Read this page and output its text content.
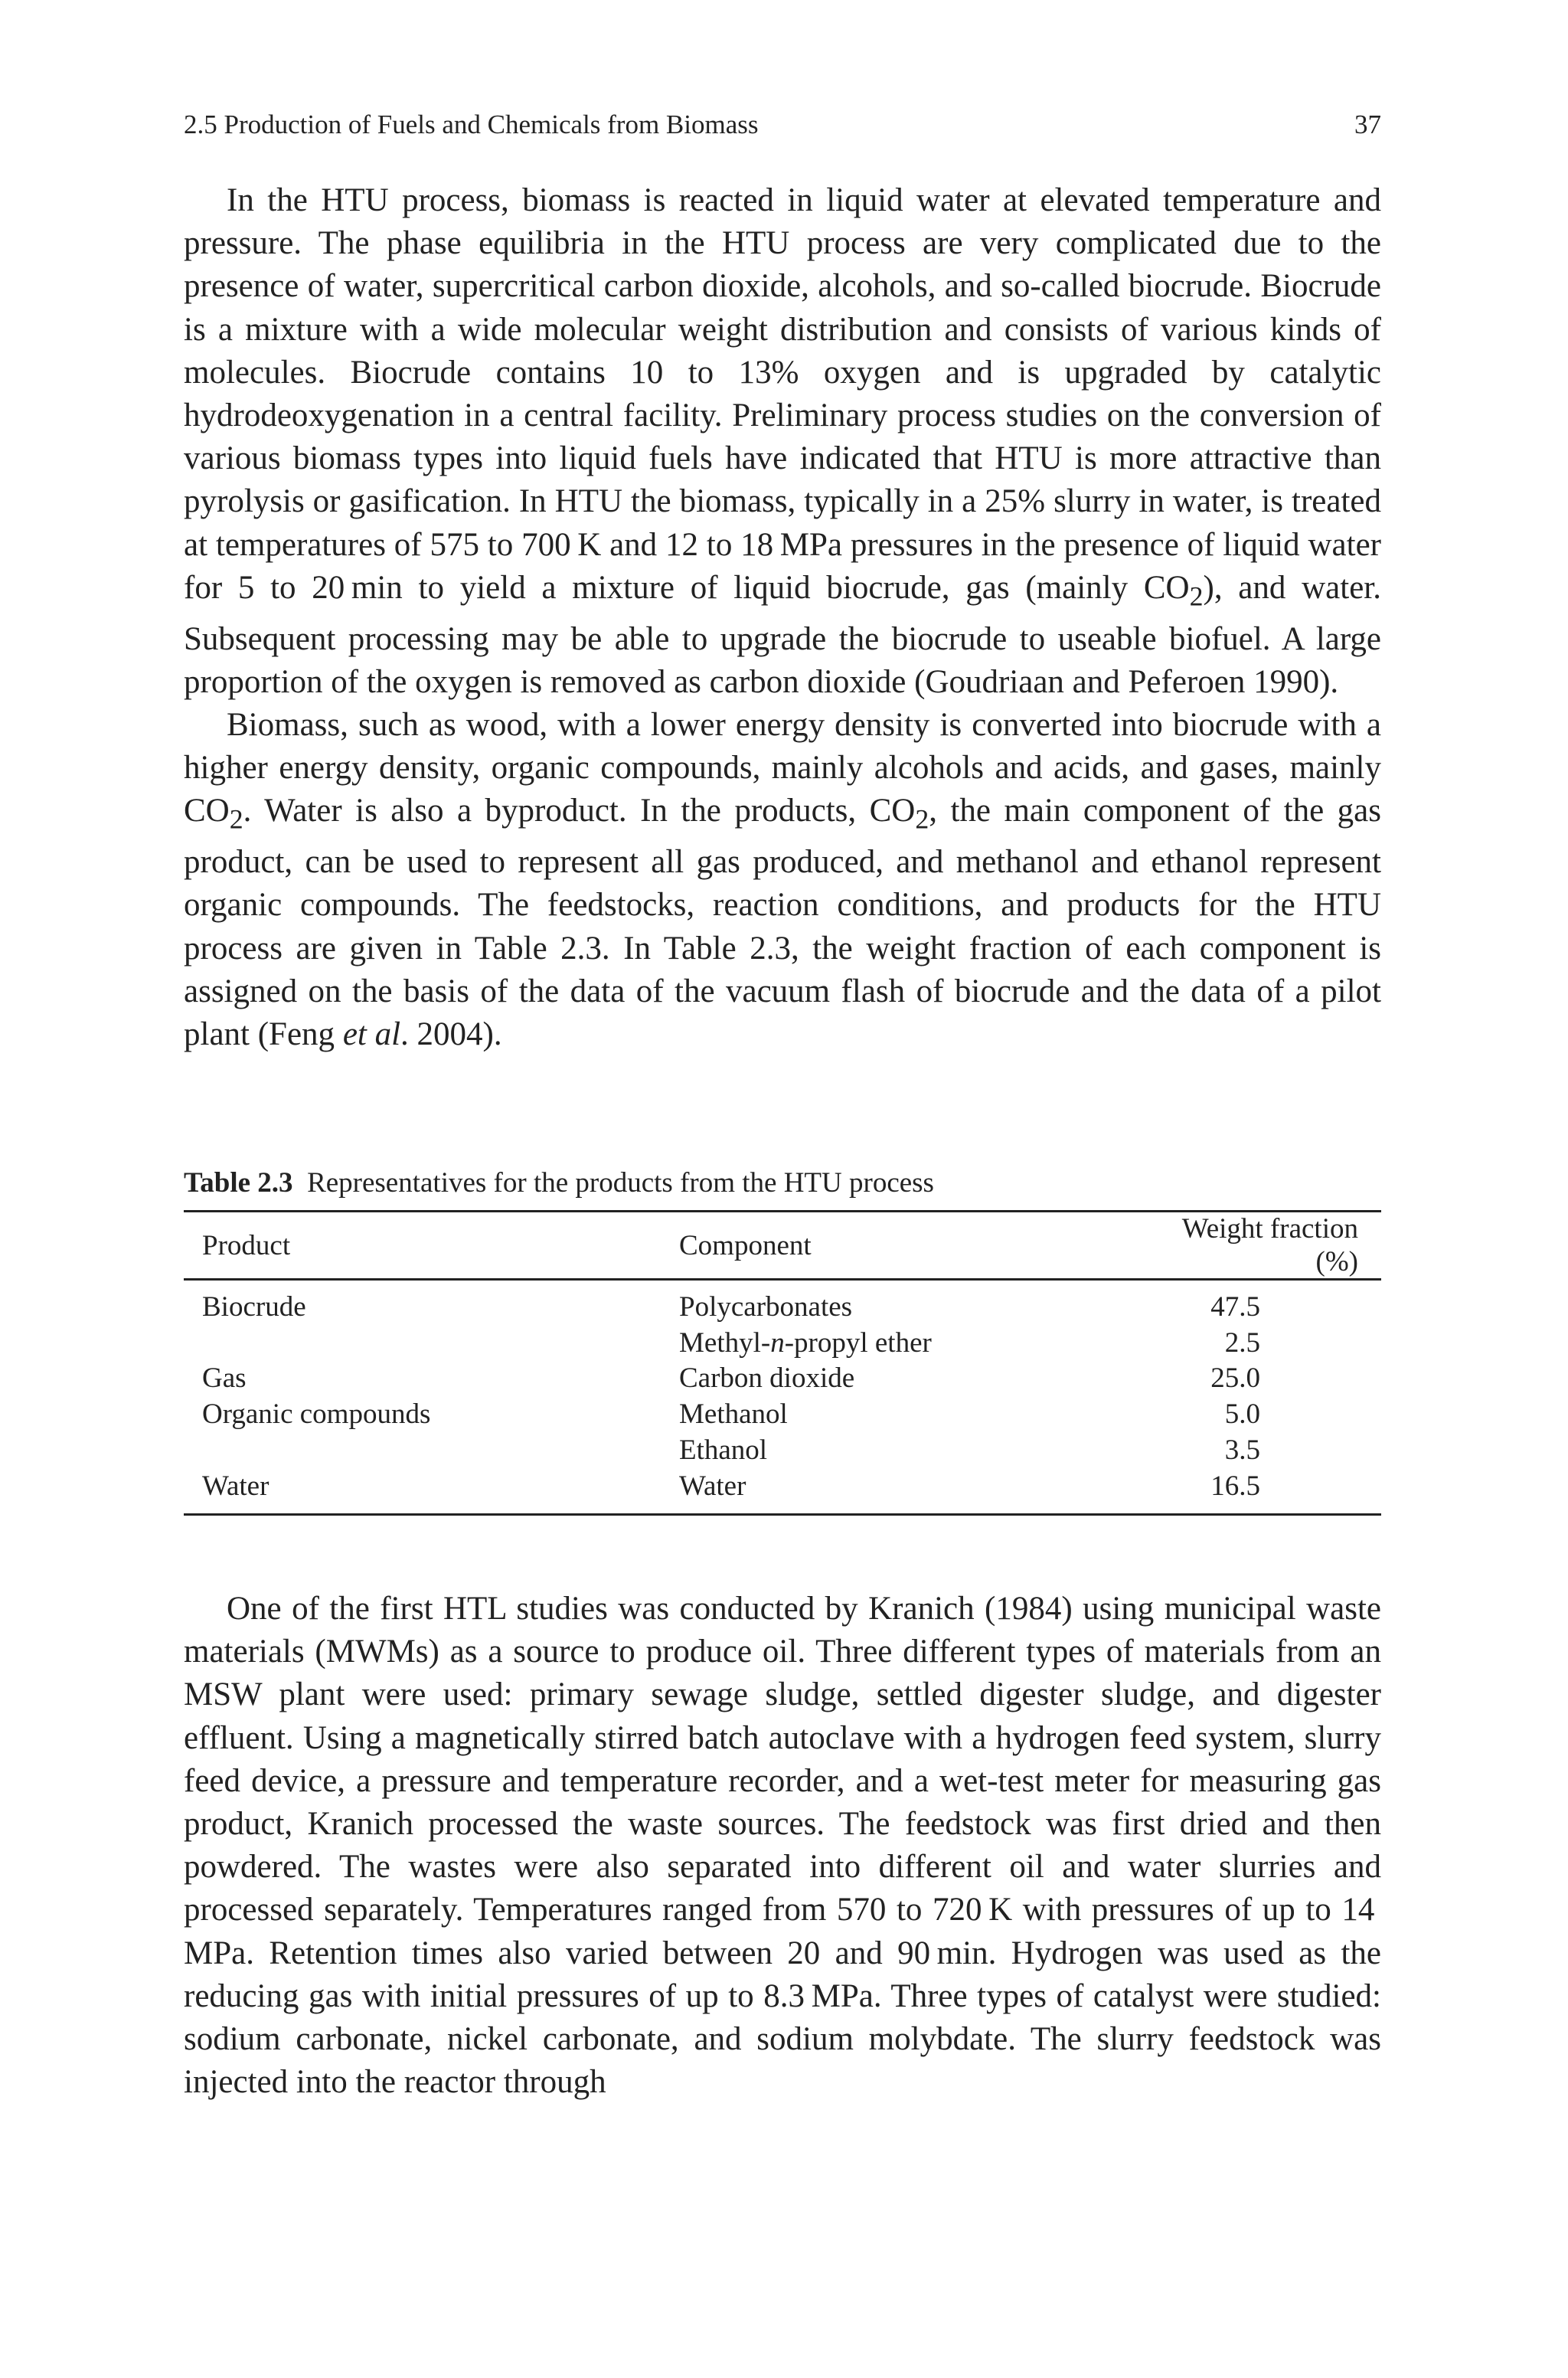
2.5 Production of Fuels and Chemicals from Biomass	37

In the HTU process, biomass is reacted in liquid water at elevated temperature and pressure. The phase equilibria in the HTU process are very complicated due to the presence of water, supercritical carbon dioxide, alcohols, and so-called biocrude. Biocrude is a mixture with a wide molecular weight distribution and consists of various kinds of molecules. Biocrude contains 10 to 13% oxygen and is upgraded by catalytic hydrodeoxygenation in a central facility. Preliminary process studies on the conversion of various biomass types into liquid fuels have indicated that HTU is more attractive than pyrolysis or gasification. In HTU the biomass, typically in a 25% slurry in water, is treated at temperatures of 575 to 700 K and 12 to 18 MPa pressures in the presence of liquid water for 5 to 20 min to yield a mixture of liquid biocrude, gas (mainly $CO_2$), and water. Subsequent processing may be able to upgrade the biocrude to useable biofuel. A large proportion of the oxygen is removed as carbon dioxide (Goudriaan and Peferoen 1990).

Biomass, such as wood, with a lower energy density is converted into biocrude with a higher energy density, organic compounds, mainly alcohols and acids, and gases, mainly $CO_2$. Water is also a byproduct. In the products, $CO_2$, the main component of the gas product, can be used to represent all gas produced, and methanol and ethanol represent organic compounds. The feedstocks, reaction conditions, and products for the HTU process are given in Table 2.3. In Table 2.3, the weight fraction of each component is assigned on the basis of the data of the vacuum flash of biocrude and the data of a pilot plant (Feng et al. 2004).

Table 2.3 Representatives for the products from the HTU process
Product	Component	Weight fraction (%)
Biocrude	Polycarbonates	47.5
	Methyl-n-propyl ether	2.5
Gas	Carbon dioxide	25.0
Organic compounds	Methanol	5.0
	Ethanol	3.5
Water	Water	16.5

One of the first HTL studies was conducted by Kranich (1984) using municipal waste materials (MWMs) as a source to produce oil. Three different types of materials from an MSW plant were used: primary sewage sludge, settled digester sludge, and digester effluent. Using a magnetically stirred batch autoclave with a hydrogen feed system, slurry feed device, a pressure and temperature recorder, and a wet-test meter for measuring gas product, Kranich processed the waste sources. The feedstock was first dried and then powdered. The wastes were also separated into different oil and water slurries and processed separately. Temperatures ranged from 570 to 720 K with pressures of up to 14 MPa. Retention times also varied between 20 and 90 min. Hydrogen was used as the reducing gas with initial pressures of up to 8.3 MPa. Three types of catalyst were studied: sodium carbonate, nickel carbonate, and sodium molybdate. The slurry feedstock was injected into the reactor through
